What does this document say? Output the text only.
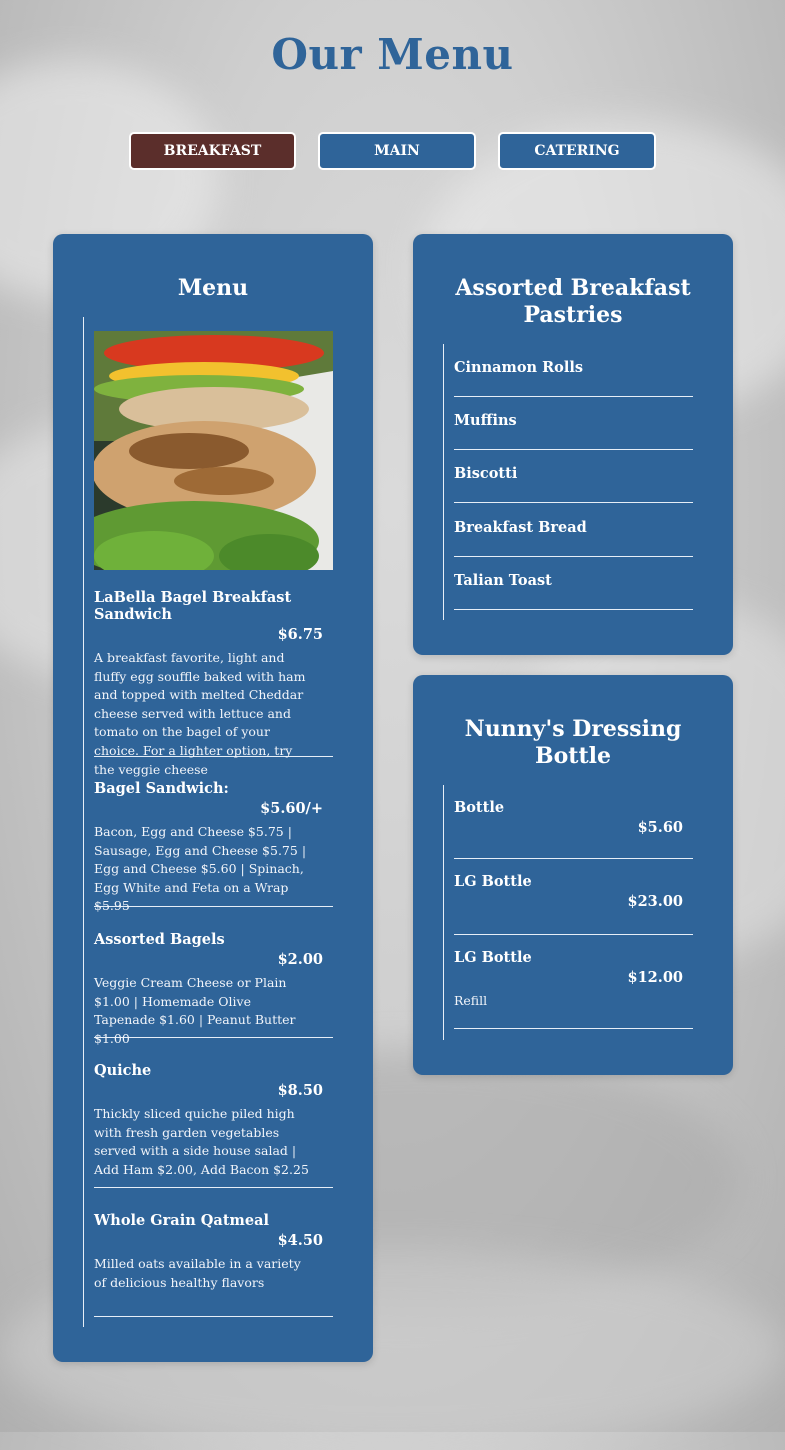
Our Menu
BREAKFAST	MAIN	CATERING
Menu
LaBella Bagel Breakfast Sandwich
$6.75
A breakfast favorite, light and fluffy egg souffle baked with ham and topped with melted Cheddar cheese served with lettuce and tomato on the bagel of your choice. For a lighter option, try the veggie cheese
Bagel Sandwich:
$5.60/+
Bacon, Egg and Cheese $5.75 | Sausage, Egg and Cheese $5.75 | Egg and Cheese $5.60 | Spinach, Egg White and Feta on a Wrap $5.95
Assorted Bagels
$2.00
Veggie Cream Cheese or Plain $1.00 | Homemade Olive Tapenade $1.60 | Peanut Butter $1.00
Quiche
$8.50
Thickly sliced quiche piled high with fresh garden vegetables served with a side house salad | Add Ham $2.00, Add Bacon $2.25
Whole Grain Qatmeal
$4.50
Milled oats available in a variety of delicious healthy flavors
Assorted Breakfast Pastries
Cinnamon Rolls
Muffins
Biscotti
Breakfast Bread
Talian Toast
Nunny's Dressing Bottle
Bottle
$5.60
LG Bottle
$23.00
LG Bottle
$12.00
Refill
